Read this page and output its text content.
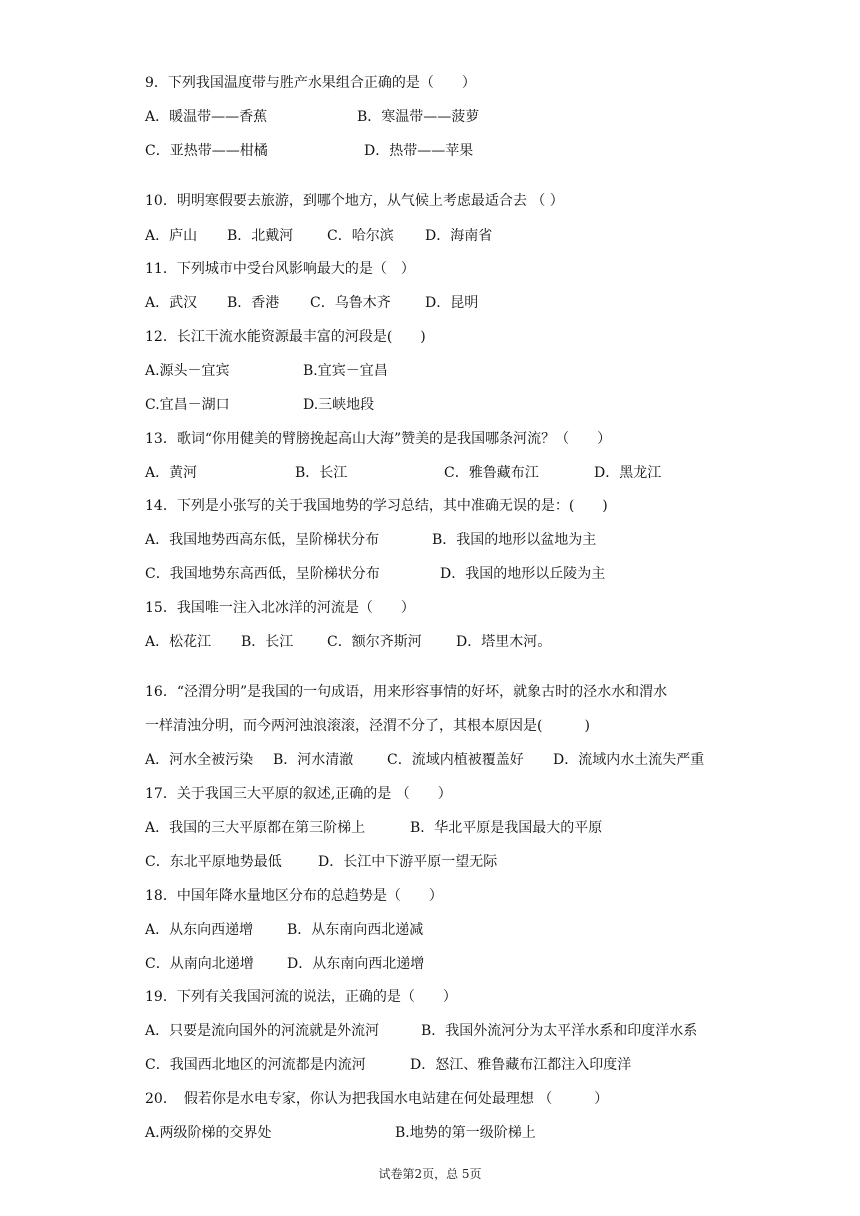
9．下列我国温度带与胜产水果组合正确的是（　　）
A．暖温带——香蕉	B．寒温带——菠萝
C．亚热带——柑橘	D．热带——苹果
10．明明寒假要去旅游，到哪个地方，从气候上考虑最适合去 （ ）
A．庐山 B．北戴河 C．哈尔滨 D．海南省
11．下列城市中受台风影响最大的是（　）
A．武汉 B．香港 C．乌鲁木齐 D．昆明
12．长江干流水能资源最丰富的河段是(　　)
A.源头－宜宾	B.宜宾－宜昌
C.宜昌－湖口	D.三峡地段
13．歌词“你用健美的臂膀挽起高山大海”赞美的是我国哪条河流？（　　）
A．黄河	B．长江	C．雅鲁藏布江	D．黑龙江
14．下列是小张写的关于我国地势的学习总结，其中准确无误的是：(　　)
A．我国地势西高东低，呈阶梯状分布	B．我国的地形以盆地为主
C．我国地势东高西低，呈阶梯状分布	D．我国的地形以丘陵为主
15．我国唯一注入北冰洋的河流是（　　）
A．松花江 B．长江 C．额尔齐斯河 D．塔里木河。
16．“泾渭分明”是我国的一句成语，用来形容事情的好坏，就象古时的泾水水和渭水
一样清浊分明，而今两河浊浪滚滚，泾渭不分了，其根本原因是(　　　)
A．河水全被污染 B．河水清澈 C．流域内植被覆盖好 D．流域内水土流失严重
17．关于我国三大平原的叙述,正确的是 （　　）
A．我国的三大平原都在第三阶梯上	B．华北平原是我国最大的平原
C．东北平原地势最低	D．长江中下游平原一望无际
18．中国年降水量地区分布的总趋势是（　　）
A．从东向西递增 B．从东南向西北递减
C．从南向北递增 D．从东南向西北递增
19．下列有关我国河流的说法，正确的是（　　）
A．只要是流向国外的河流就是外流河	B．我国外流河分为太平洋水系和印度洋水系
C．我国西北地区的河流都是内流河	D．怒江、雅鲁藏布江都注入印度洋
20．　假若你是水电专家，你认为把我国水电站建在何处最理想 （　　　）
A.两级阶梯的交界处	B.地势的第一级阶梯上
试卷第2页，总 5页
